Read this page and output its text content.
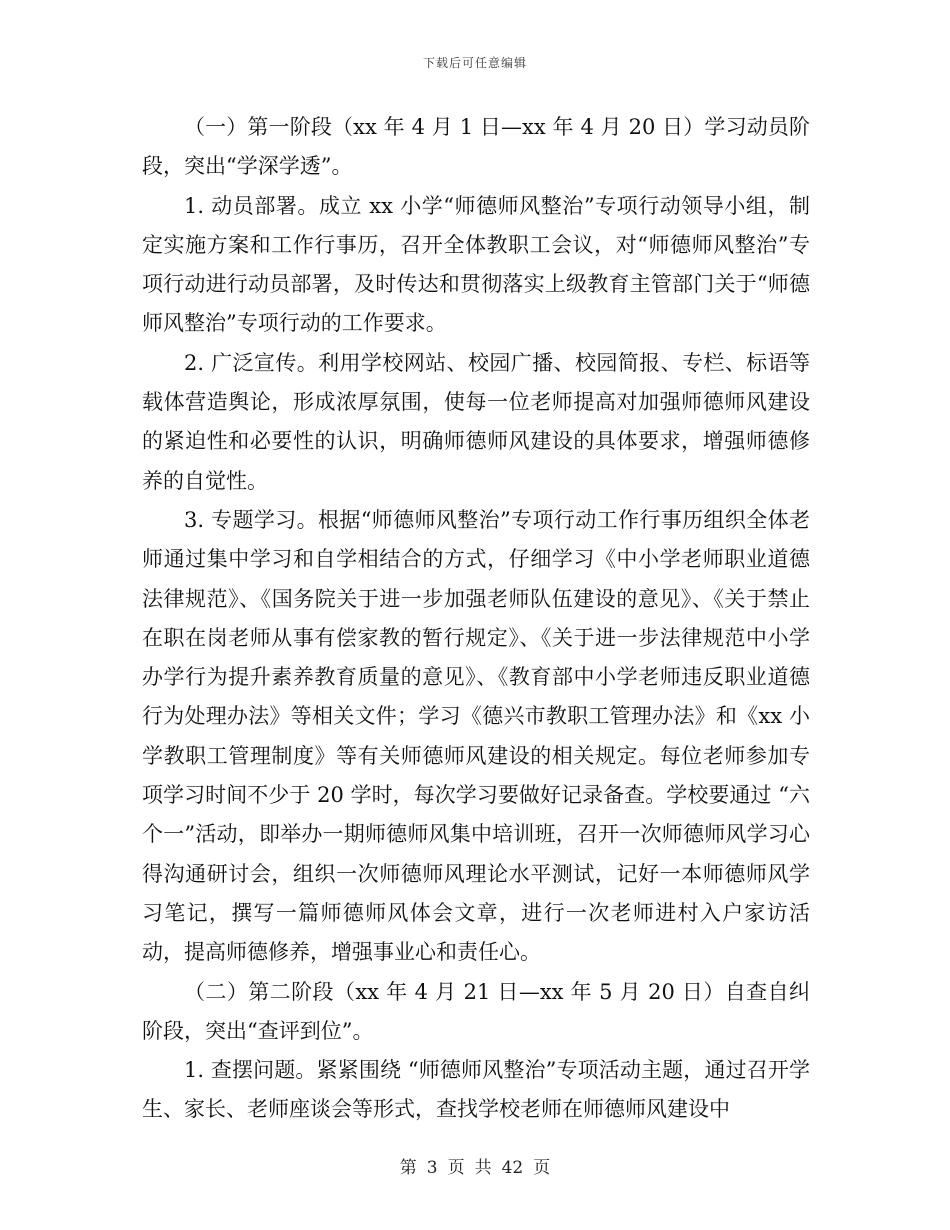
下载后可任意编辑

（一）第一阶段（xx 年 4 月 1 日—xx 年 4 月 20 日）学习动员阶段，突出“学深学透”。

1. 动员部署。成立 xx 小学“师德师风整治”专项行动领导小组，制定实施方案和工作行事历，召开全体教职工会议，对“师德师风整治”专项行动进行动员部署，及时传达和贯彻落实上级教育主管部门关于“师德师风整治”专项行动的工作要求。

2. 广泛宣传。利用学校网站、校园广播、校园简报、专栏、标语等载体营造舆论，形成浓厚氛围，使每一位老师提高对加强师德师风建设的紧迫性和必要性的认识，明确师德师风建设的具体要求，增强师德修养的自觉性。

3. 专题学习。根据“师德师风整治”专项行动工作行事历组织全体老师通过集中学习和自学相结合的方式，仔细学习《中小学老师职业道德法律规范》、《国务院关于进一步加强老师队伍建设的意见》、《关于禁止在职在岗老师从事有偿家教的暂行规定》、《关于进一步法律规范中小学办学行为提升素养教育质量的意见》、《教育部中小学老师违反职业道德行为处理办法》等相关文件；学习《德兴市教职工管理办法》和《xx 小学教职工管理制度》等有关师德师风建设的相关规定。每位老师参加专项学习时间不少于 20 学时，每次学习要做好记录备查。学校要通过 “六个一”活动，即举办一期师德师风集中培训班，召开一次师德师风学习心得沟通研讨会，组织一次师德师风理论水平测试，记好一本师德师风学习笔记，撰写一篇师德师风体会文章，进行一次老师进村入户家访活动，提高师德修养，增强事业心和责任心。

（二）第二阶段（xx 年 4 月 21 日—xx 年 5 月 20 日）自查自纠阶段，突出“查评到位”。

1. 查摆问题。紧紧围绕 “师德师风整治”专项活动主题，通过召开学生、家长、老师座谈会等形式，查找学校老师在师德师风建设中

第 3 页 共 42 页
